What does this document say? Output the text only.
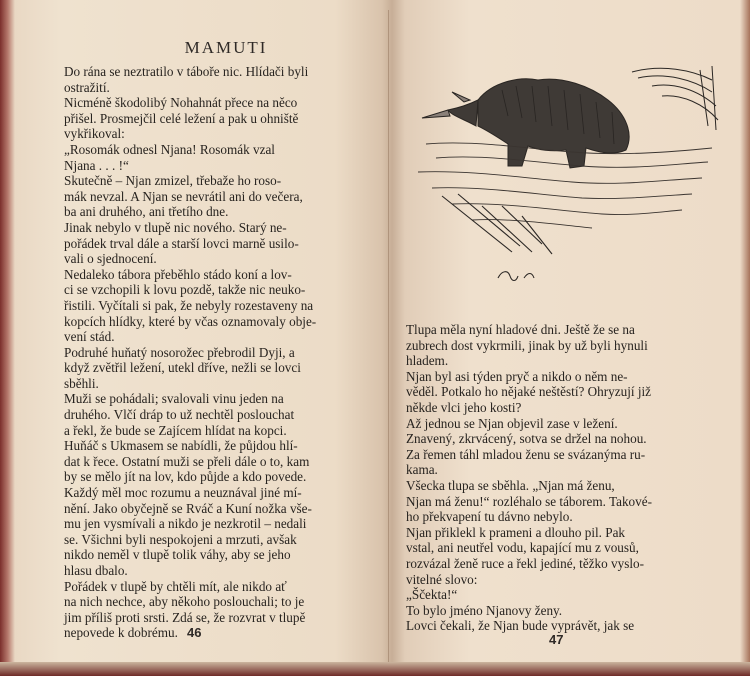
MAMUTI
Do rána se neztratilo v táboře nic. Hlídači byli
ostražití.
Nicméně škodolibý Nohahnát přece na něco
přišel. Prosmejčil celé ležení a pak u ohniště
vykřikoval:
„Rosomák odnesl Njana! Rosomák vzal
Njana . . . !“
Skutečně – Njan zmizel, třebaže ho roso-
mák nevzal. A Njan se nevrátil ani do večera,
ba ani druhého, ani třetího dne.
Jinak nebylo v tlupě nic nového. Starý ne-
pořádek trval dále a starší lovci marně usilo-
vali o sjednocení.
Nedaleko tábora přeběhlo stádo koní a lov-
ci se vzchopili k lovu pozdě, takže nic neuko-
řistili. Vyčítali si pak, že nebyly rozestaveny na
kopcích hlídky, které by včas oznamovaly obje-
vení stád.
Podruhé huňatý nosorožec přebrodil Dyji, a
když zvětřil ležení, utekl dříve, nežli se lovci
sběhli.
Muži se pohádali; svalovali vinu jeden na
druhého. Vlčí dráp to už nechtěl poslouchat
a řekl, že bude se Zajícem hlídat na kopci.
Huňáč s Ukmasem se nabídli, že půjdou hlí-
dat k řece. Ostatní muži se přeli dále o to, kam
by se mělo jít na lov, kdo půjde a kdo povede.
Každý měl moc rozumu a neuznával jiné mí-
nění. Jako obyčejně se Rváč a Kuní nožka vše-
mu jen vysmívali a nikdo je nezkrotil – nedali
se. Všichni byli nespokojeni a mrzuti, avšak
nikdo neměl v tlupě tolik váhy, aby se jeho
hlasu dbalo.
Pořádek v tlupě by chtěli mít, ale nikdo ať
na nich nechce, aby někoho poslouchali; to je
jim příliš proti srsti. Zdá se, že rozvrat v tlupě
nepovede k dobrému. 46
Tlupa měla nyní hladové dni. Ještě že se na
zubrech dost vykrmili, jinak by už byli hynuli
hladem.
Njan byl asi týden pryč a nikdo o něm ne-
věděl. Potkalo ho nějaké neštěstí? Ohryzují již
někde vlci jeho kosti?
Až jednou se Njan objevil zase v ležení.
Znavený, zkrvácený, sotva se držel na nohou.
Za řemen táhl mladou ženu se svázanýma ru-
kama.
Všecka tlupa se sběhla. „Njan má ženu,
Njan má ženu!“ rozléhalo se táborem. Takové-
ho překvapení tu dávno nebylo.
Njan přiklekl k prameni a dlouho pil. Pak
vstal, ani neutřel vodu, kapající mu z vousů,
rozvázal ženě ruce a řekl jediné, těžko vyslo-
vitelné slovo:
„Ščekta!“
To bylo jméno Njanovy ženy.
Lovci čekali, že Njan bude vyprávět, jak se
47
